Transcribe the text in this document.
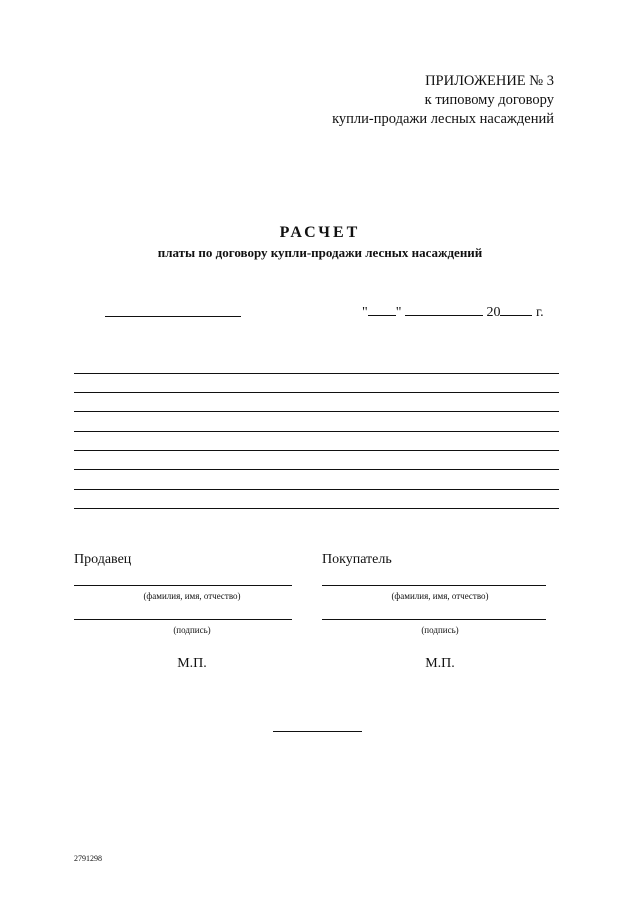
ПРИЛОЖЕНИЕ № 3
к типовому договору
купли-продажи лесных насаждений
РАСЧЕТ
платы по договору купли-продажи лесных насаждений
" "	20	г.
Продавец
(фамилия, имя, отчество)
(подпись)
М.П.
Покупатель
(фамилия, имя, отчество)
(подпись)
М.П.
2791298
